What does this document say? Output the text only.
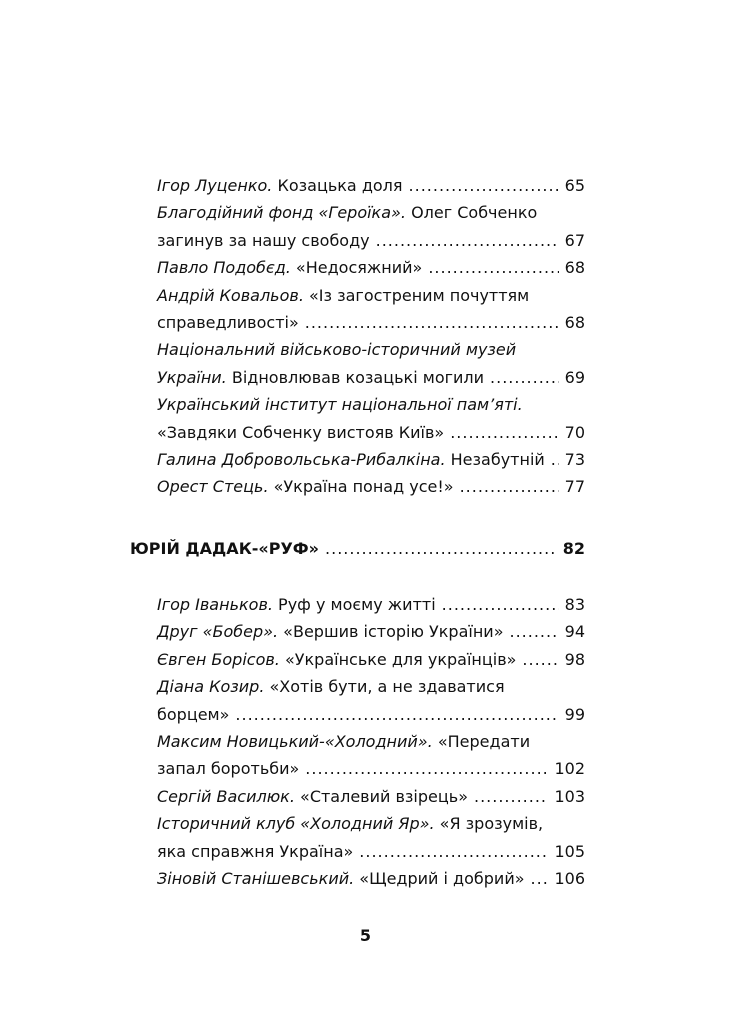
Ігор Луценко. Козацька доля .....	65
Благодійний фонд «Героїка». Олег Собченко
загинув за нашу свободу .....	67
Павло Подобєд. «Недосяжний» .....	68
Андрій Ковальов. «Із загостреним почуттям
справедливості» .....	68
Національний військово-історичний музей
України. Відновлював козацькі могили .....	69
Український інститут національної пам’яті.
«Завдяки Собченку вистояв Київ» .....	70
Галина Добровольська-Рибалкіна. Незабутній ..... 73
Орест Стець. «Україна понад усе!» .....	77
ЮРІЙ ДАДАК-«РУФ» .....	82
Ігор Іваньков. Руф у моєму житті .....	83
Друг «Бобер». «Вершив історію України» .....	94
Євген Борісов. «Українське для українців» .....	98
Діана Козир. «Хотів бути, а не здаватися
борцем» .....	99
Максим Новицький-«Холодний». «Передати
запал боротьби» .....	102
Сергій Василюк. «Сталевий взірець» .....	103
Історичний клуб «Холодний Яр». «Я зрозумів,
яка справжня Україна» .....	105
Зіновій Станішевський. «Щедрий і добрий» ..... 106
5
